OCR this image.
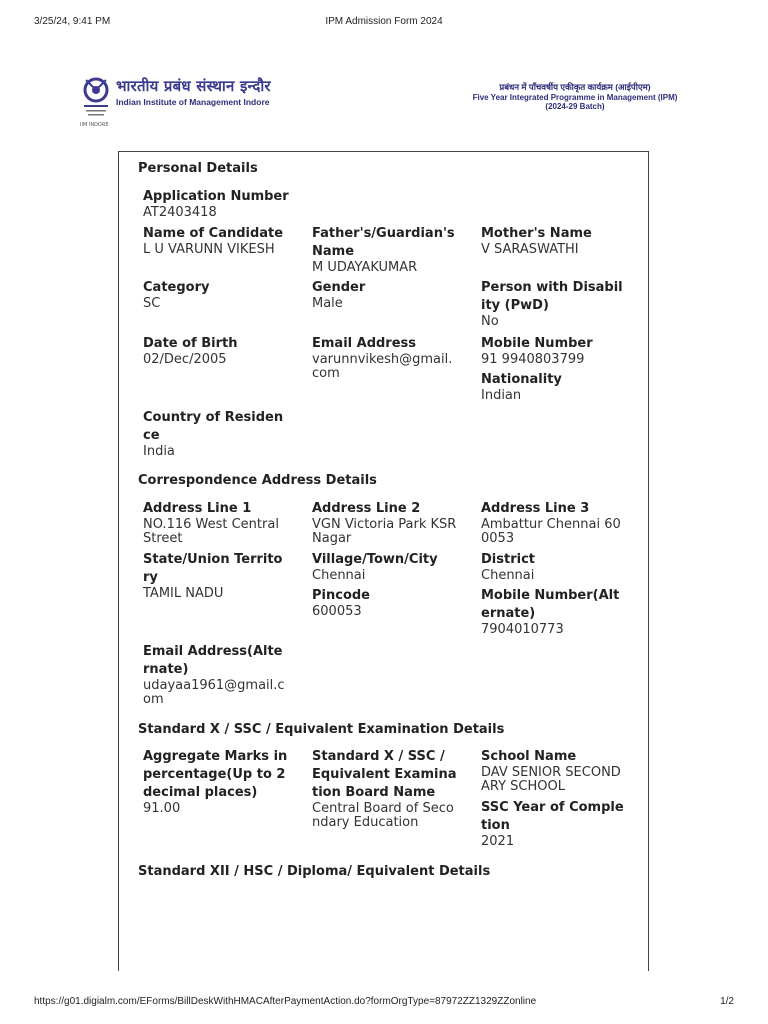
3/25/24, 9:41 PM	IPM Admission Form 2024
भारतीय प्रबंध संस्थान इन्दौर
Indian Institute of Management Indore
IIM INDORE
प्रबंधन में पाँचवर्षीय एकीकृत कार्यक्रम (आईपीएम)
Five Year Integrated Programme in Management (IPM)
(2024-29 Batch)
Personal Details
Application Number
AT2403418
Name of Candidate
L U VARUNN VIKESH
Father's/Guardian's Name
M UDAYAKUMAR
Mother's Name
V SARASWATHI
Category
SC
Gender
Male
Person with Disability (PwD)
No
Date of Birth
02/Dec/2005
Email Address
varunnvikesh@gmail.com
Mobile Number
91 9940803799
Nationality
Indian
Country of Residence
India
Correspondence Address Details
Address Line 1
NO.116 West Central Street
Address Line 2
VGN Victoria Park KSR Nagar
Address Line 3
Ambattur Chennai 600053
State/Union Territory
TAMIL NADU
Village/Town/City
Chennai
District
Chennai
Pincode
600053
Mobile Number(Alternate)
7904010773
Email Address(Alternate)
udayaa1961@gmail.com
Standard X / SSC / Equivalent Examination Details
Aggregate Marks in percentage(Up to 2 decimal places)
91.00
Standard X / SSC / Equivalent Examination Board Name
Central Board of Secondary Education
School Name
DAV SENIOR SECONDARY SCHOOL
SSC Year of Completion
2021
Standard XII / HSC / Diploma/ Equivalent Details
https://g01.digialm.com/EForms/BillDeskWithHMACAfterPaymentAction.do?formOrgType=87972ZZ1329ZZonline	1/2
